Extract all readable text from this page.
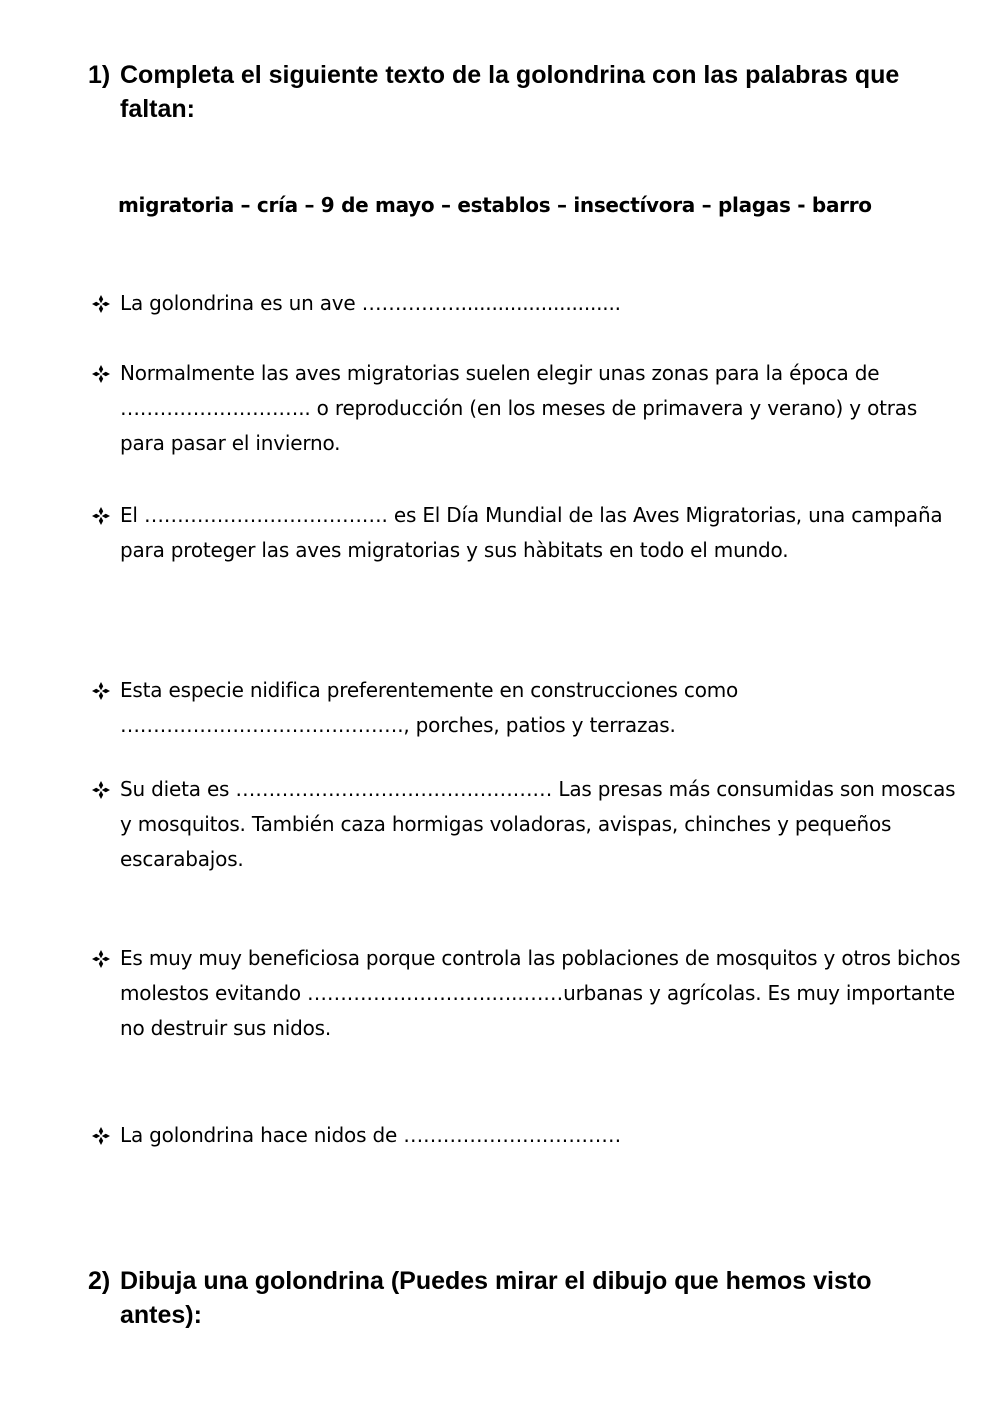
1) Completa el siguiente texto de la golondrina con las palabras que faltan:
migratoria – cría – 9 de mayo – establos – insectívora – plagas - barro
La golondrina es un ave ……………..........................
Normalmente las aves migratorias suelen elegir unas zonas para la época de ……………………….. o reproducción (en los meses de primavera y verano) y otras para pasar el invierno.
El ………………………………. es El Día Mundial de las Aves Migratorias, una campaña para proteger las aves migratorias y sus hàbitats en todo el mundo.
Esta especie nidifica preferentemente en construcciones como ……………………………………., porches, patios y terrazas.
Su dieta es ………………………………………… Las presas más consumidas son moscas y mosquitos. También caza hormigas voladoras, avispas, chinches y pequeños escarabajos.
Es muy muy beneficiosa porque controla las poblaciones de mosquitos y otros bichos molestos evitando ……………………….…..……urbanas y agrícolas. Es muy importante no destruir sus nidos.
La golondrina hace nidos de ……………………………
2) Dibuja una golondrina (Puedes mirar el dibujo que hemos visto antes):
